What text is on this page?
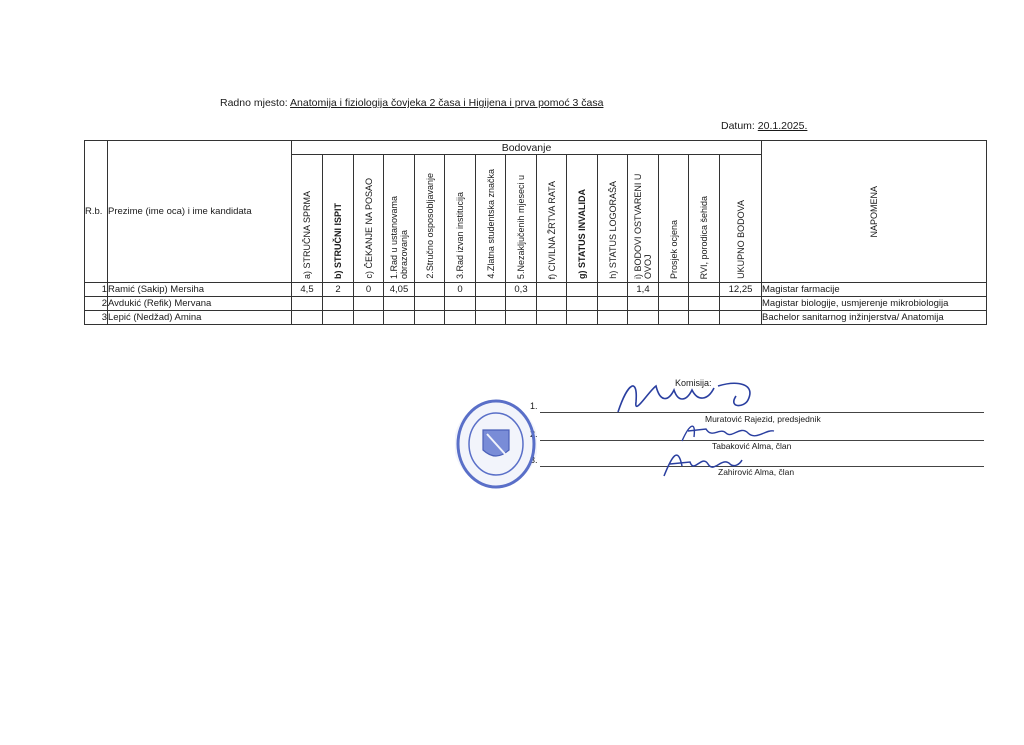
Radno mjesto: Anatomija i fiziologija čovjeka 2 časa i Higijena i prva pomoć 3 časa
Datum: 20.1.2025.
R.b.	Prezime (ime oca) i ime kandidata	Bodovanje															NAPOMENA

		a) STRUČNA SPRMA	b) STRUČNI ISPIT	c) ČEKANJE NA POSAO	1.Rad u ustanovama obrazovanja	2.Stručno osposobljavanje	3.Rad izvan institucija	4.Zlatna studentska značka	5.Nezaključenih mjeseci u	f) CIVILNA ŽRTVA RATA	g) STATUS INVALIDA	h) STATUS LOGORAŠA	i) BODOVI OSTVARENI U OVOJ	Prosjek ocjena	RVI, porodica šehida	UKUPNO BODOVA	

1	Ramić (Sakip) Mersiha	4,5	2	0	4,05		0		0,3				1,4			12,25	Magistar farmacije
2	Avdukić (Refik) Mervana																Magistar biologije, usmjerenje mikrobiologija
3	Lepić (Nedžad) Amina																Bachelor sanitarnog inžinjerstva/ Anatomija
Komisija:
1.
Muratović Rajezid, predsjednik
2.
Tabaković Alma, član
3.
Zahirović Alma, član
